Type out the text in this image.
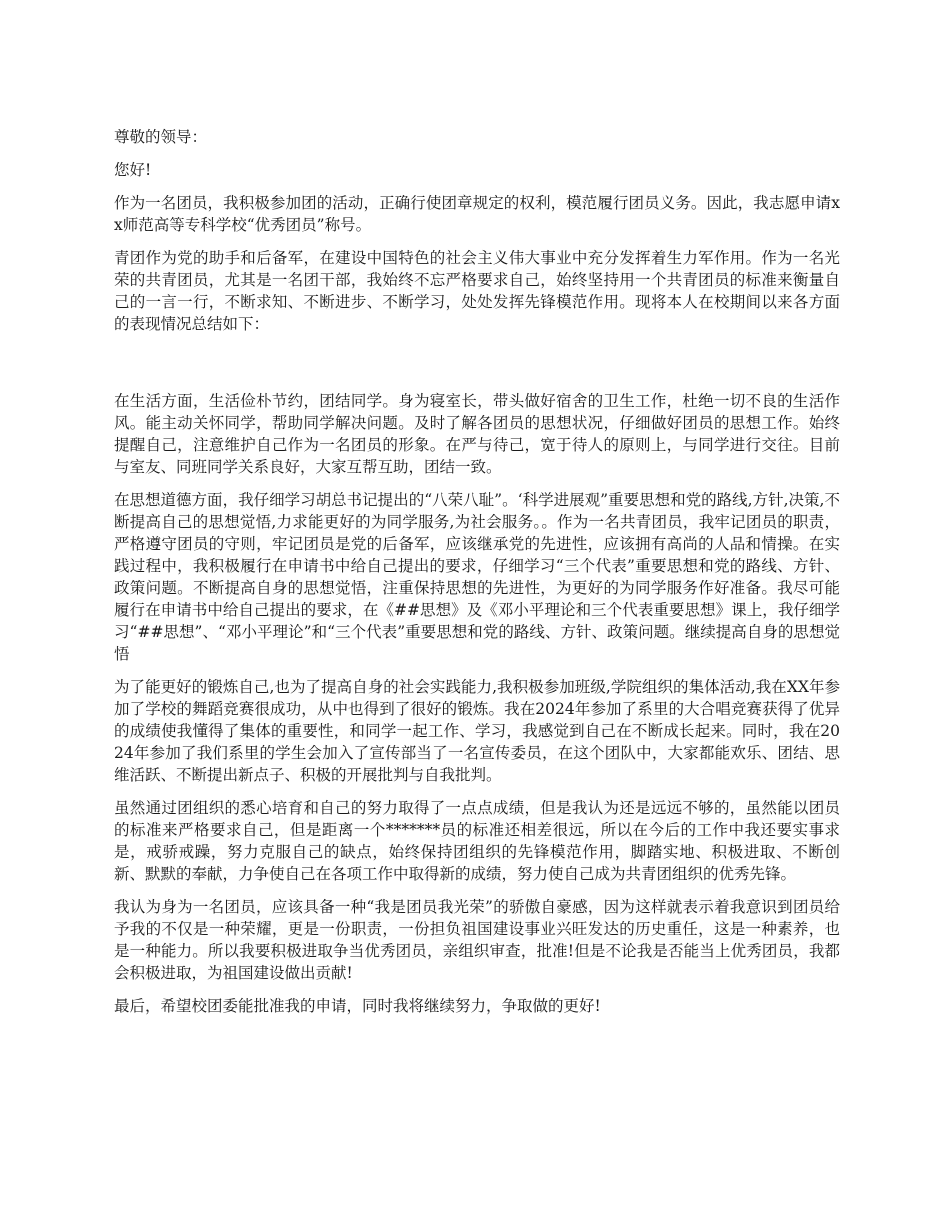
尊敬的领导：

您好!

作为一名团员，我积极参加团的活动，正确行使团章规定的权利，模范履行团员义务。因此，我志愿申请xx师范高等专科学校“优秀团员”称号。

青团作为党的助手和后备军，在建设中国特色的社会主义伟大事业中充分发挥着生力军作用。作为一名光荣的共青团员，尤其是一名团干部，我始终不忘严格要求自己，始终坚持用一个共青团员的标准来衡量自己的一言一行，不断求知、不断进步、不断学习，处处发挥先锋模范作用。现将本人在校期间以来各方面的表现情况总结如下：

在生活方面，生活俭朴节约，团结同学。身为寝室长，带头做好宿舍的卫生工作，杜绝一切不良的生活作风。能主动关怀同学，帮助同学解决问题。及时了解各团员的思想状况，仔细做好团员的思想工作。始终提醒自己，注意维护自己作为一名团员的形象。在严与待己，宽于待人的原则上，与同学进行交往。目前与室友、同班同学关系良好，大家互帮互助，团结一致。

在思想道德方面，我仔细学习胡总书记提出的“八荣八耻”。‘科学进展观”重要思想和党的路线,方针,决策,不断提高自己的思想觉悟,力求能更好的为同学服务,为社会服务。。作为一名共青团员，我牢记团员的职责，严格遵守团员的守则，牢记团员是党的后备军，应该继承党的先进性，应该拥有高尚的人品和情操。在实践过程中，我积极履行在申请书中给自己提出的要求，仔细学习“三个代表”重要思想和党的路线、方针、政策问题。不断提高自身的思想觉悟，注重保持思想的先进性，为更好的为同学服务作好准备。我尽可能履行在申请书中给自己提出的要求，在《##思想》及《邓小平理论和三个代表重要思想》课上，我仔细学习“##思想”、“邓小平理论”和“三个代表”重要思想和党的路线、方针、政策问题。继续提高自身的思想觉悟

为了能更好的锻炼自己,也为了提高自身的社会实践能力,我积极参加班级,学院组织的集体活动,我在XX年参加了学校的舞蹈竞赛很成功，从中也得到了很好的锻炼。我在2024年参加了系里的大合唱竞赛获得了优异的成绩使我懂得了集体的重要性，和同学一起工作、学习，我感觉到自己在不断成长起来。同时，我在2024年参加了我们系里的学生会加入了宣传部当了一名宣传委员，在这个团队中，大家都能欢乐、团结、思维活跃、不断提出新点子、积极的开展批判与自我批判。

虽然通过团组织的悉心培育和自己的努力取得了一点点成绩，但是我认为还是远远不够的，虽然能以团员的标准来严格要求自己，但是距离一个*******员的标准还相差很远，所以在今后的工作中我还要实事求是，戒骄戒躁，努力克服自己的缺点，始终保持团组织的先锋模范作用，脚踏实地、积极进取、不断创新、默默的奉献，力争使自己在各项工作中取得新的成绩，努力使自己成为共青团组织的优秀先锋。

我认为身为一名团员，应该具备一种“我是团员我光荣”的骄傲自豪感，因为这样就表示着我意识到团员给予我的不仅是一种荣耀，更是一份职责，一份担负祖国建设事业兴旺发达的历史重任，这是一种素养，也是一种能力。所以我要积极进取争当优秀团员，亲组织审查，批准!但是不论我是否能当上优秀团员，我都会积极进取，为祖国建设做出贡献!

最后，希望校团委能批准我的申请，同时我将继续努力，争取做的更好!
